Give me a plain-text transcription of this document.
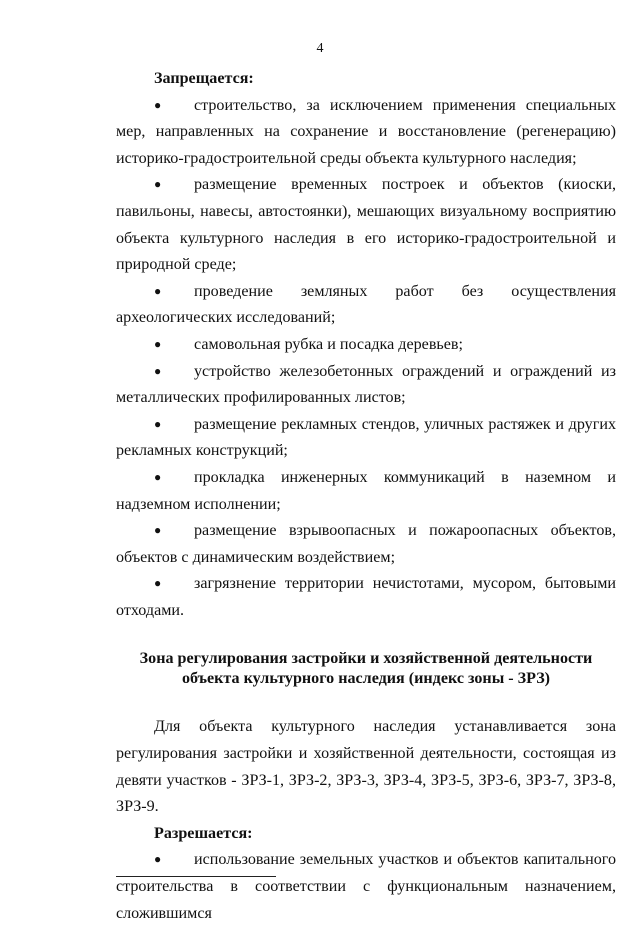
4
Запрещается:
● строительство, за исключением применения специальных мер, направленных на сохранение и восстановление (регенерацию) историко-градостроительной среды объекта культурного наследия;
● размещение временных построек и объектов (киоски, павильоны, навесы, автостоянки), мешающих визуальному восприятию объекта культурного наследия в его историко-градостроительной и природной среде;
● проведение земляных работ без осуществления археологических исследований;
● самовольная рубка и посадка деревьев;
● устройство железобетонных ограждений и ограждений из металлических профилированных листов;
● размещение рекламных стендов, уличных растяжек и других рекламных конструкций;
● прокладка инженерных коммуникаций в наземном и надземном исполнении;
● размещение взрывоопасных и пожароопасных объектов, объектов с динамическим воздействием;
● загрязнение территории нечистотами, мусором, бытовыми отходами.
Зона регулирования застройки и хозяйственной деятельности
объекта культурного наследия (индекс зоны - ЗРЗ)
Для объекта культурного наследия устанавливается зона регулирования застройки и хозяйственной деятельности, состоящая из девяти участков - ЗРЗ-1, ЗРЗ-2, ЗРЗ-3, ЗРЗ-4, ЗРЗ-5, ЗРЗ-6, ЗРЗ-7, ЗРЗ-8, ЗРЗ-9.
Разрешается:
● использование земельных участков и объектов капитального строительства в соответствии с функциональным назначением, сложившимся
